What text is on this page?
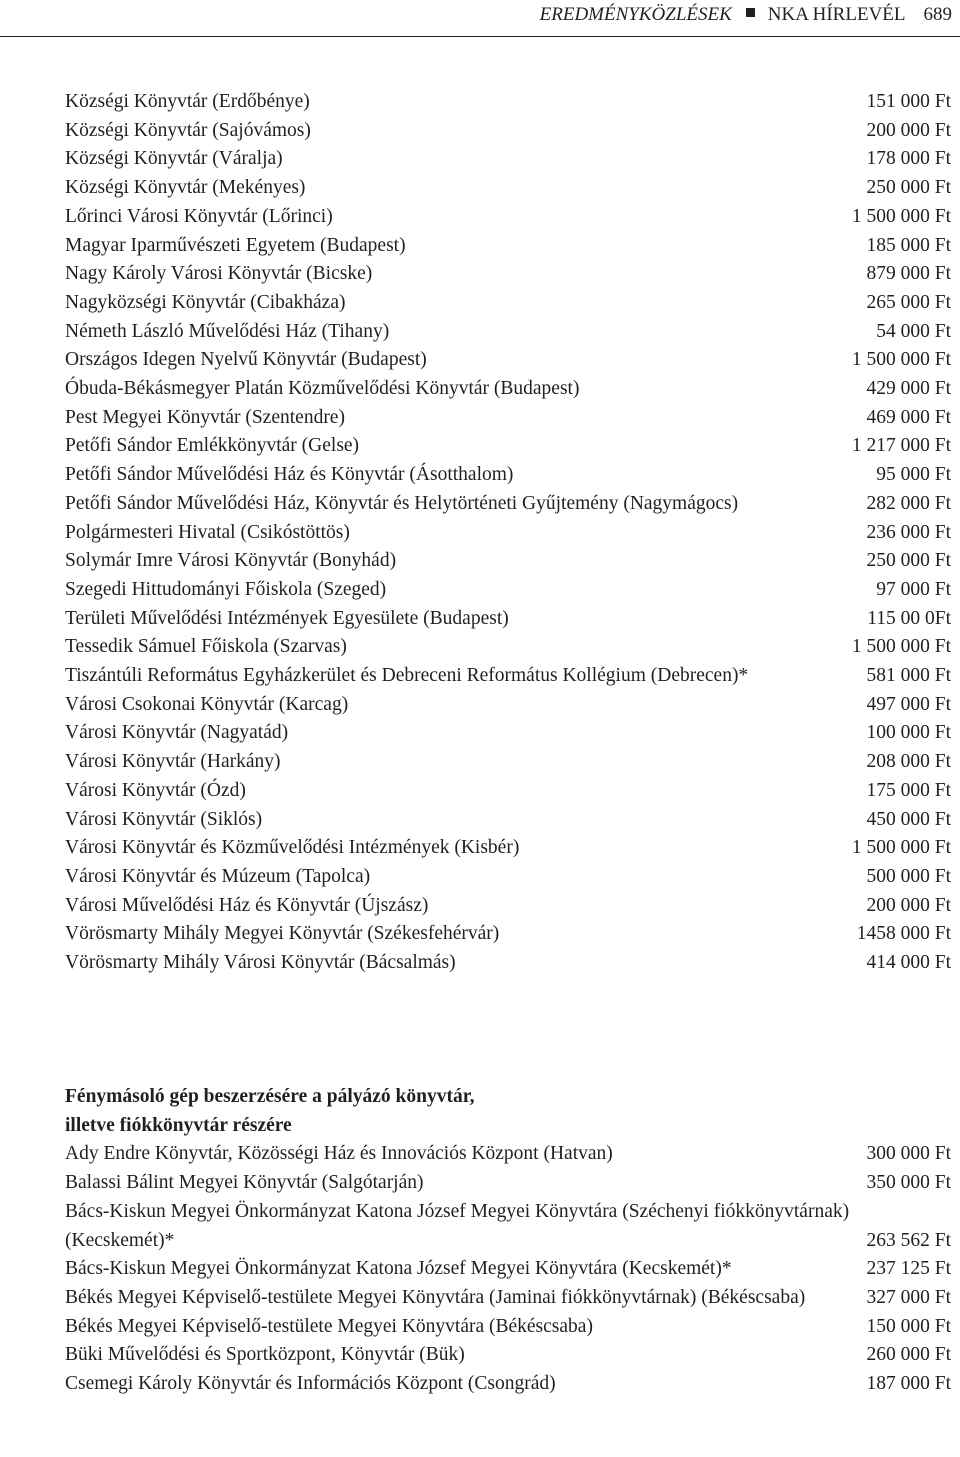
EREDMÉNYKÖZLÉSEK NKA HÍRLEVÉL 689
Községi Könyvtár (Erdőbénye)	151 000 Ft
Községi Könyvtár (Sajóvámos)	200 000 Ft
Községi Könyvtár (Váralja)	178 000 Ft
Községi Könyvtár (Mekényes)	250 000 Ft
Lőrinci Városi Könyvtár (Lőrinci)	1 500 000 Ft
Magyar Iparművészeti Egyetem (Budapest)	185 000 Ft
Nagy Károly Városi Könyvtár (Bicske)	879 000 Ft
Nagyközségi Könyvtár (Cibakháza)	265 000 Ft
Németh László Művelődési Ház (Tihany)	54 000 Ft
Országos Idegen Nyelvű Könyvtár (Budapest)	1 500 000 Ft
Óbuda-Békásmegyer Platán Közművelődési Könyvtár (Budapest)	429 000 Ft
Pest Megyei Könyvtár (Szentendre)	469 000 Ft
Petőfi Sándor Emlékkönyvtár (Gelse)	1 217 000 Ft
Petőfi Sándor Művelődési Ház és Könyvtár (Ásotthalom)	95 000 Ft
Petőfi Sándor Művelődési Ház, Könyvtár és Helytörténeti Gyűjtemény (Nagymágocs)	282 000 Ft
Polgármesteri Hivatal (Csikóstöttös)	236 000 Ft
Solymár Imre Városi Könyvtár (Bonyhád)	250 000 Ft
Szegedi Hittudományi Főiskola (Szeged)	97 000 Ft
Területi Művelődési Intézmények Egyesülete (Budapest)	115 00 0Ft
Tessedik Sámuel Főiskola (Szarvas)	1 500 000 Ft
Tiszántúli Református Egyházkerület és Debreceni Református Kollégium (Debrecen)*	581 000 Ft
Városi Csokonai Könyvtár (Karcag)	497 000 Ft
Városi Könyvtár (Nagyatád)	100 000 Ft
Városi Könyvtár (Harkány)	208 000 Ft
Városi Könyvtár (Ózd)	175 000 Ft
Városi Könyvtár (Siklós)	450 000 Ft
Városi Könyvtár és Közművelődési Intézmények (Kisbér)	1 500 000 Ft
Városi Könyvtár és Múzeum (Tapolca)	500 000 Ft
Városi Művelődési Ház és Könyvtár (Újszász)	200 000 Ft
Vörösmarty Mihály Megyei Könyvtár (Székesfehérvár)	1458 000 Ft
Vörösmarty Mihály Városi Könyvtár (Bácsalmás)	414 000 Ft
Fénymásoló gép beszerzésére a pályázó könyvtár,
illetve fiókkönyvtár részére
Ady Endre Könyvtár, Közösségi Ház és Innovációs Központ (Hatvan)	300 000 Ft
Balassi Bálint Megyei Könyvtár (Salgótarján)	350 000 Ft
Bács-Kiskun Megyei Önkormányzat Katona József Megyei Könyvtára (Széchenyi fiókkönyvtárnak) (Kecskemét)*	263 562 Ft
Bács-Kiskun Megyei Önkormányzat Katona József Megyei Könyvtára (Kecskemét)*	237 125 Ft
Békés Megyei Képviselő-testülete Megyei Könyvtára (Jaminai fiókkönyvtárnak) (Békéscsaba)	327 000 Ft
Békés Megyei Képviselő-testülete Megyei Könyvtára (Békéscsaba)	150 000 Ft
Büki Művelődési és Sportközpont, Könyvtár (Bük)	260 000 Ft
Csemegi Károly Könyvtár és Információs Központ (Csongrád)	187 000 Ft
